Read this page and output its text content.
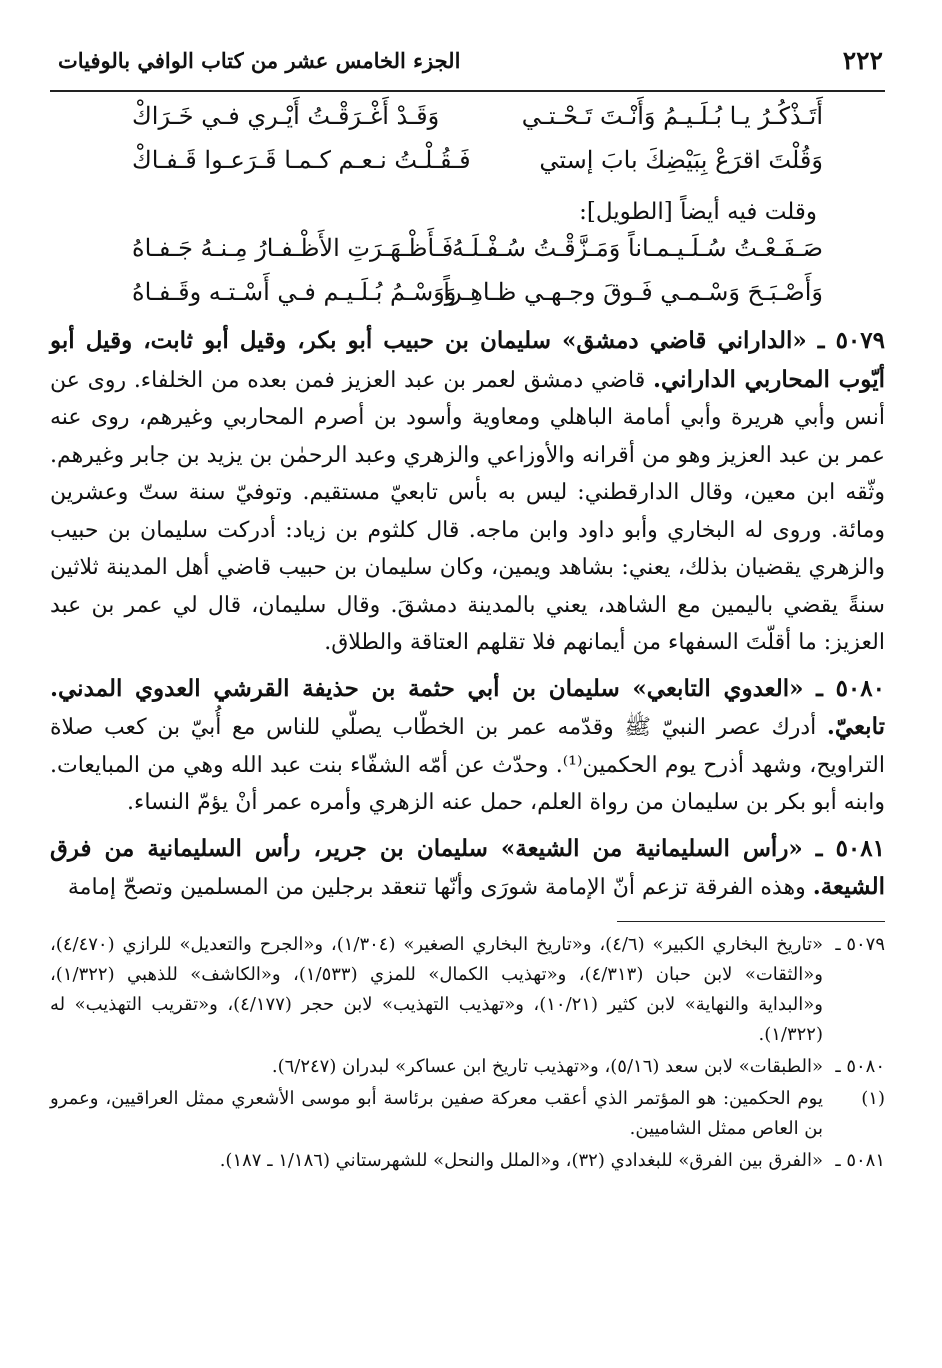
٢٢٢
الجزء الخامس عشر من كتاب الوافي بالوفيات
أَتَـذْكُـرُ يـا بُـلَـيـمُ وَأَنْـتَ تَـحْـتـي
وَقَـدْ أَغْـرَقْـتُ أَيْـري فـي خَـرَاكْ
وَقُلْتَ اقرَعْ بِبَيْضِكَ بابَ إستي
فَـقُـلْـتُ نـعـم كـمـا قَـرَعـوا قَـفـاكْ
وقلت فيه أيضاً [الطويل]:
صَـفَـعْـتُ سُـلَـيـمـاناً وَمَـزَّقْـتُ سُـفْـلَـهُ
فَـأَظْـهَـرَتِ الأَظْـفـارُ مِـنـهُ جَـفـاهُ
وَأَصْـبَـحَ وَسْـمـي فَـوقَ وجـهـي ظـاهِـراً
وَوَسْـمُ بُـلَـيـم فـي أَسْـتـه وقَـفـاهُ

٥٠٧٩ ـ «الداراني قاضي دمشق» سليمان بن حبيب أبو بكر، وقيل أبو ثابت، وقيل أبو أيّوب المحاربي الداراني. قاضي دمشق لعمر بن عبد العزيز فمن بعده من الخلفاء. روى عن أنس وأبي هريرة وأبي أمامة الباهلي ومعاوية وأسود بن أصرم المحاربي وغيرهم، روى عنه عمر بن عبد العزيز وهو من أقرانه والأوزاعي والزهري وعبد الرحمٰن بن يزيد بن جابر وغيرهم. وثّقه ابن معين، وقال الدارقطني: ليس به بأس تابعيّ مستقيم. وتوفيّ سنة ستّ وعشرين ومائة. وروى له البخاري وأبو داود وابن ماجه. قال كلثوم بن زياد: أدركت سليمان بن حبيب والزهري يقضيان بذلك، يعني: بشاهد ويمين، وكان سليمان بن حبيب قاضي أهل المدينة ثلاثين سنةً يقضي باليمين مع الشاهد، يعني بالمدينة دمشقَ. وقال سليمان، قال لي عمر بن عبد العزيز: ما أقلّتَ السفهاء من أيمانهم فلا تقلهم العتاقة والطلاق.

٥٠٨٠ ـ «العدوي التابعي» سليمان بن أبي حثمة بن حذيفة القرشي العدوي المدني. تابعيّ. أدرك عصر النبيّ ﷺ وقدّمه عمر بن الخطّاب يصلّي للناس مع أُبيّ بن كعب صلاة التراويح، وشهد أذرح يوم الحكمين⁽¹⁾. وحدّث عن أمّه الشفّاء بنت عبد الله وهي من المبايعات. وابنه أبو بكر بن سليمان من رواة العلم، حمل عنه الزهري وأمره عمر أنْ يؤمّ النساء.

٥٠٨١ ـ «رأس السليمانية من الشيعة» سليمان بن جرير، رأس السليمانية من فرق الشيعة. وهذه الفرقة تزعم أنّ الإمامة شورَى وأنّها تنعقد برجلين من المسلمين وتصحّ إمامة

٥٠٧٩ ـ
«تاريخ البخاري الكبير» (٤/٦)، و«تاريخ البخاري الصغير» (١/٣٠٤)، و«الجرح والتعديل» للرازي (٤/٤٧٠)، و«الثقات» لابن حبان (٤/٣١٣)، و«تهذيب الكمال» للمزي (١/٥٣٣)، و«الكاشف» للذهبي (١/٣٢٢)، و«البداية والنهاية» لابن كثير (١٠/٢١)، و«تهذيب التهذيب» لابن حجر (٤/١٧٧)، و«تقريب التهذيب» له (١/٣٢٢).
٥٠٨٠ ـ
«الطبقات» لابن سعد (٥/١٦)، و«تهذيب تاريخ ابن عساكر» لبدران (٦/٢٤٧).
(١)
يوم الحكمين: هو المؤتمر الذي أعقب معركة صفين برئاسة أبو موسى الأشعري ممثل العراقيين، وعمرو بن العاص ممثل الشاميين.
٥٠٨١ ـ
«الفرق بين الفرق» للبغدادي (٣٢)، و«الملل والنحل» للشهرستاني (١/١٨٦ ـ ١٨٧).
